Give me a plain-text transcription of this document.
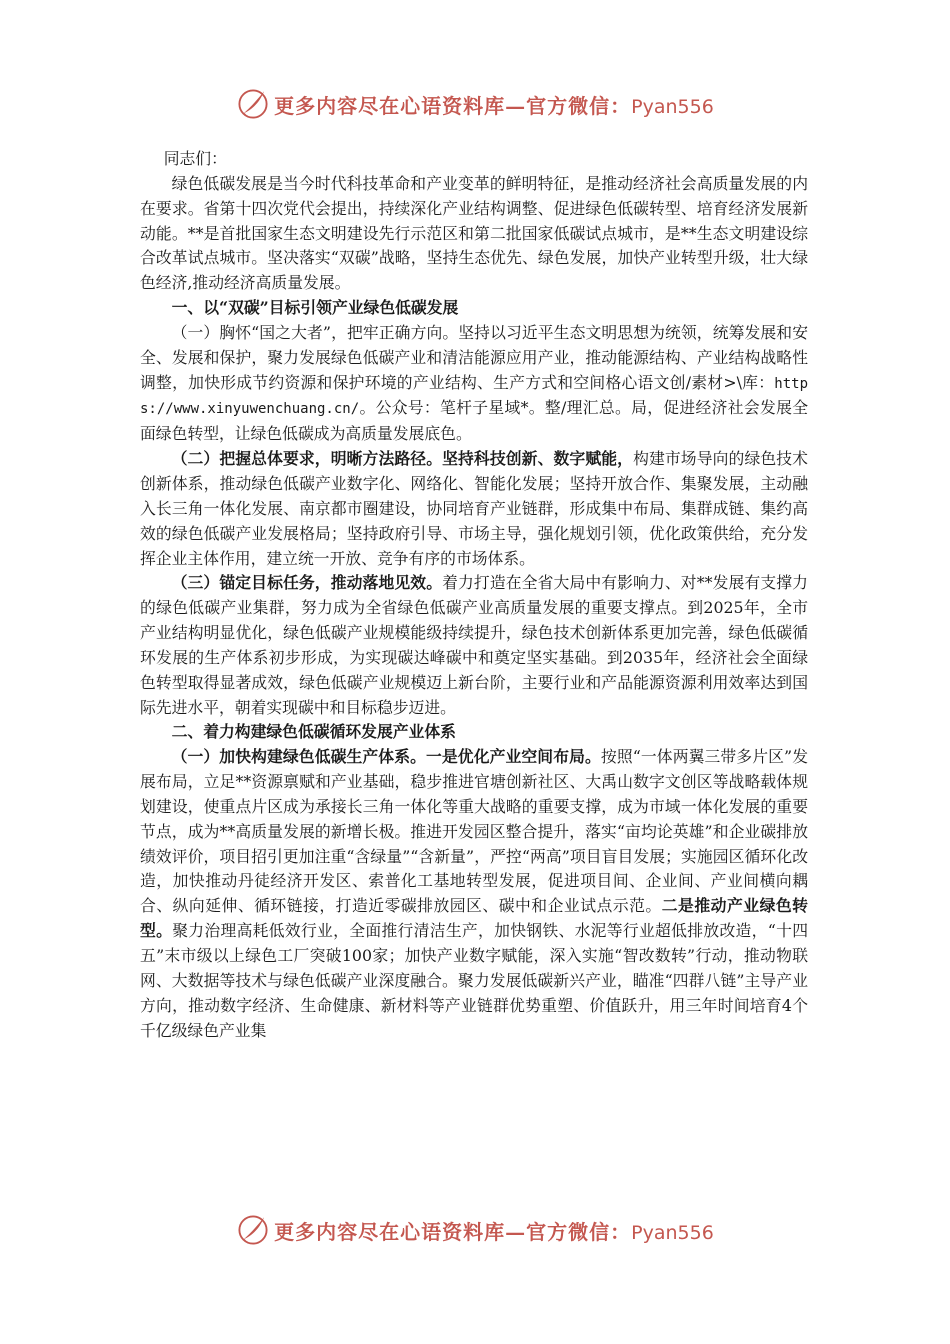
更多内容尽在心语资料库—官方微信：Pyan556

同志们：

绿色低碳发展是当今时代科技革命和产业变革的鲜明特征，是推动经济社会高质量发展的内在要求。省第十四次党代会提出，持续深化产业结构调整、促进绿色低碳转型、培育经济发展新动能。**是首批国家生态文明建设先行示范区和第二批国家低碳试点城市，是**生态文明建设综合改革试点城市。坚决落实“双碳”战略，坚持生态优先、绿色发展，加快产业转型升级，壮大绿色经济,推动经济高质量发展。

一、以“双碳”目标引领产业绿色低碳发展

（一）胸怀“国之大者”，把牢正确方向。坚持以习近平生态文明思想为统领，统筹发展和安全、发展和保护，聚力发展绿色低碳产业和清洁能源应用产业，推动能源结构、产业结构战略性调整，加快形成节约资源和保护环境的产业结构、生产方式和空间格心语文创/素材>\库：https://www.xinyuwenchuang.cn/。公众号：笔杆子星域*。整/理汇总。局，促进经济社会发展全面绿色转型，让绿色低碳成为高质量发展底色。

（二）把握总体要求，明晰方法路径。坚持科技创新、数字赋能，构建市场导向的绿色技术创新体系，推动绿色低碳产业数字化、网络化、智能化发展；坚持开放合作、集聚发展，主动融入长三角一体化发展、南京都市圈建设，协同培育产业链群，形成集中布局、集群成链、集约高效的绿色低碳产业发展格局；坚持政府引导、市场主导，强化规划引领，优化政策供给，充分发挥企业主体作用，建立统一开放、竞争有序的市场体系。

（三）锚定目标任务，推动落地见效。着力打造在全省大局中有影响力、对**发展有支撑力的绿色低碳产业集群，努力成为全省绿色低碳产业高质量发展的重要支撑点。到2025年，全市产业结构明显优化，绿色低碳产业规模能级持续提升，绿色技术创新体系更加完善，绿色低碳循环发展的生产体系初步形成，为实现碳达峰碳中和奠定坚实基础。到2035年，经济社会全面绿色转型取得显著成效，绿色低碳产业规模迈上新台阶，主要行业和产品能源资源利用效率达到国际先进水平，朝着实现碳中和目标稳步迈进。

二、着力构建绿色低碳循环发展产业体系

（一）加快构建绿色低碳生产体系。一是优化产业空间布局。按照“一体两翼三带多片区”发展布局，立足**资源禀赋和产业基础，稳步推进官塘创新社区、大禹山数字文创区等战略载体规划建设，使重点片区成为承接长三角一体化等重大战略的重要支撑，成为市域一体化发展的重要节点，成为**高质量发展的新增长极。推进开发园区整合提升，落实“亩均论英雄”和企业碳排放绩效评价，项目招引更加注重“含绿量”“含新量”，严控“两高”项目盲目发展；实施园区循环化改造，加快推动丹徒经济开发区、索普化工基地转型发展，促进项目间、企业间、产业间横向耦合、纵向延伸、循环链接，打造近零碳排放园区、碳中和企业试点示范。二是推动产业绿色转型。聚力治理高耗低效行业，全面推行清洁生产，加快钢铁、水泥等行业超低排放改造，“十四五”末市级以上绿色工厂突破100家；加快产业数字赋能，深入实施“智改数转”行动，推动物联网、大数据等技术与绿色低碳产业深度融合。聚力发展低碳新兴产业，瞄准“四群八链”主导产业方向，推动数字经济、生命健康、新材料等产业链群优势重塑、价值跃升，用三年时间培育4个千亿级绿色产业集

更多内容尽在心语资料库—官方微信：Pyan556
